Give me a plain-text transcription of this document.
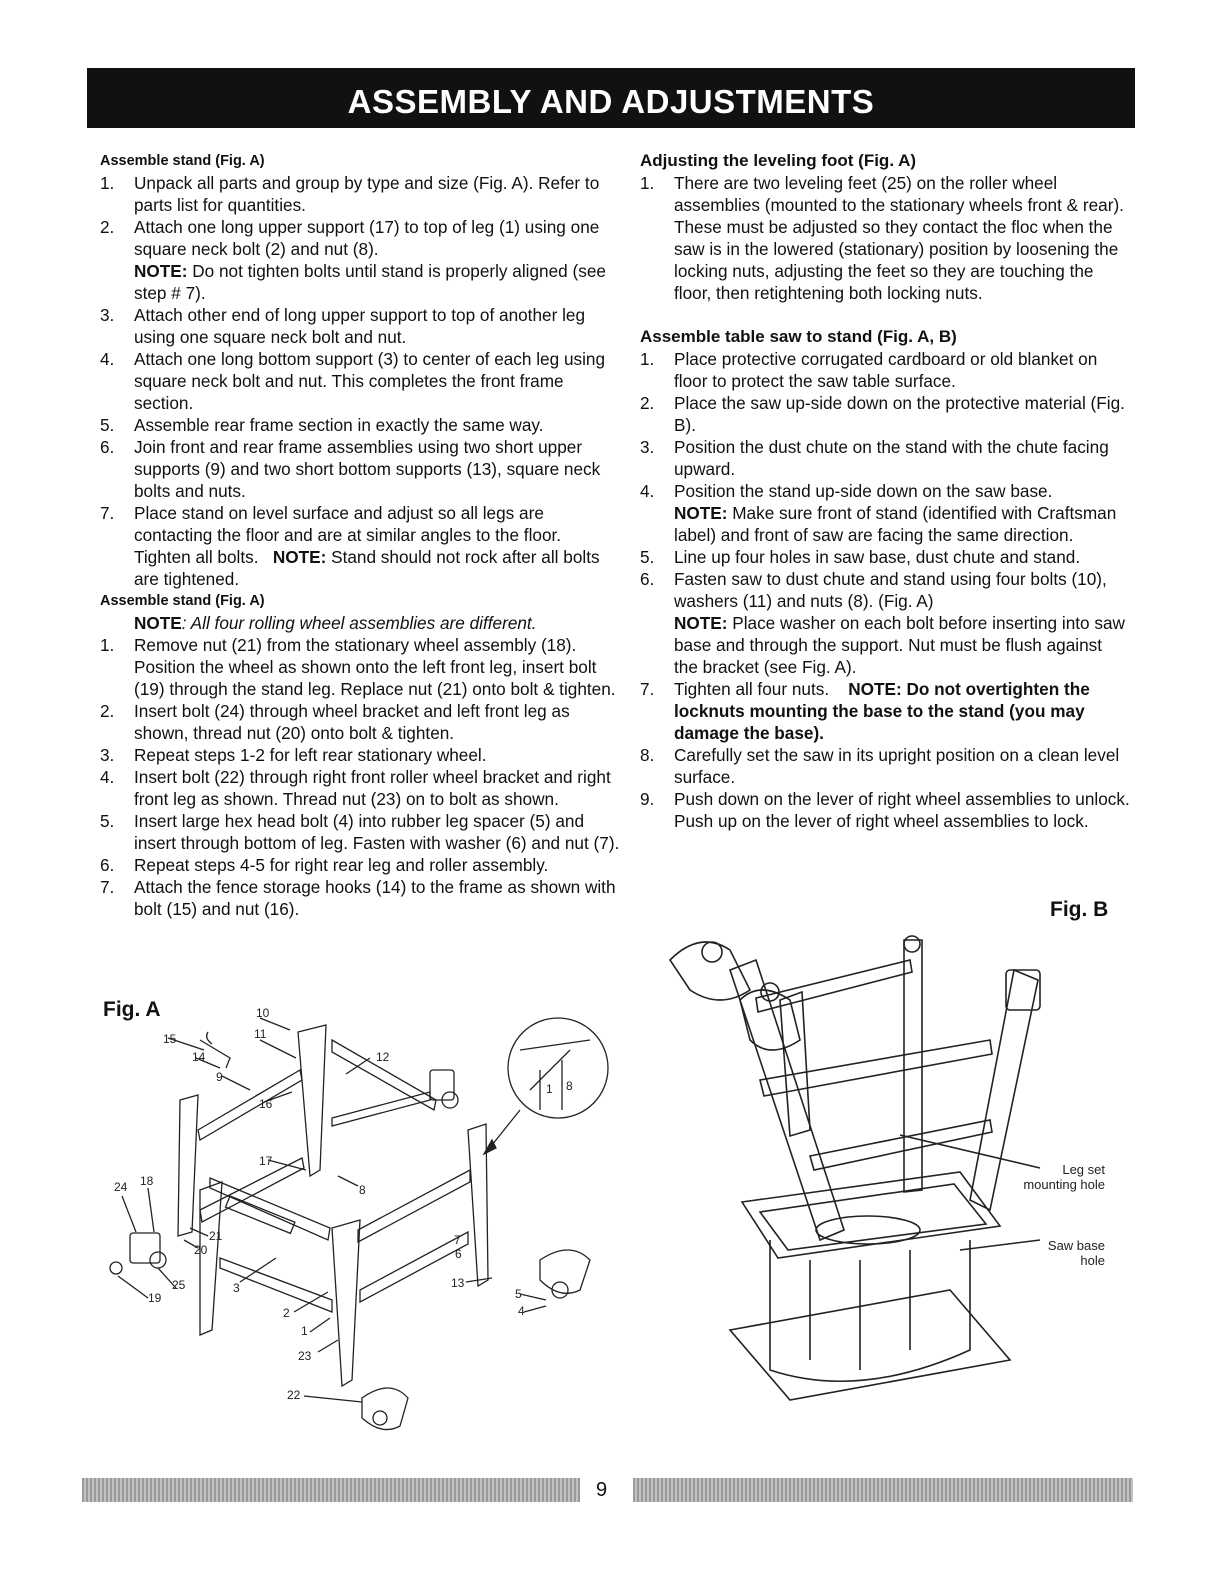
ASSEMBLY AND ADJUSTMENTS
Assemble stand (Fig. A)
1. Unpack all parts and group by type and size (Fig. A). Refer to parts list for quantities.
2. Attach one long upper support (17) to top of leg (1) using one square neck bolt (2) and nut (8).
NOTE: Do not tighten bolts until stand is properly aligned (see step # 7).
3. Attach other end of long upper support to top of another leg using one square neck bolt and nut.
4. Attach one long bottom support (3) to center of each leg using square neck bolt and nut. This completes the front frame section.
5. Assemble rear frame section in exactly the same way.
6. Join front and rear frame assemblies using two short upper supports (9) and two short bottom supports (13), square neck bolts and nuts.
7. Place stand on level surface and adjust so all legs are contacting the floor and are at similar angles to the floor. Tighten all bolts. NOTE: Stand should not rock after all bolts are tightened.
Assemble stand (Fig. A)
NOTE: All four rolling wheel assemblies are different.
1. Remove nut (21) from the stationary wheel assembly (18). Position the wheel as shown onto the left front leg, insert bolt (19) through the stand leg. Replace nut (21) onto bolt & tighten.
2. Insert bolt (24) through wheel bracket and left front leg as shown, thread nut (20) onto bolt & tighten.
3. Repeat steps 1-2 for left rear stationary wheel.
4. Insert bolt (22) through right front roller wheel bracket and right front leg as shown. Thread nut (23) on to bolt as shown.
5. Insert large hex head bolt (4) into rubber leg spacer (5) and insert through bottom of leg. Fasten with washer (6) and nut (7).
6. Repeat steps 4-5 for right rear leg and roller assembly.
7. Attach the fence storage hooks (14) to the frame as shown with bolt (15) and nut (16).
Adjusting the leveling foot (Fig. A)
1. There are two leveling feet (25) on the roller wheel assemblies (mounted to the stationary wheels front & rear). These must be adjusted so they contact the floc when the saw is in the lowered (stationary) position by loosening the locking nuts, adjusting the feet so they are touching the floor, then retightening both locking nuts.
Assemble table saw to stand (Fig. A, B)
1. Place protective corrugated cardboard or old blanket on floor to protect the saw table surface.
2. Place the saw up-side down on the protective material (Fig. B).
3. Position the dust chute on the stand with the chute facing upward.
4. Position the stand up-side down on the saw base.
NOTE: Make sure front of stand (identified with Craftsman label) and front of saw are facing the same direction.
5. Line up four holes in saw base, dust chute and stand.
6. Fasten saw to dust chute and stand using four bolts (10), washers (11) and nuts (8). (Fig. A)
NOTE: Place washer on each bolt before inserting into saw base and through the support. Nut must be flush against the bracket (see Fig. A).
7. Tighten all four nuts. NOTE: Do not overtighten the locknuts mounting the base to the stand (you may damage the base).
8. Carefully set the saw in its upright position on a clean level surface.
9. Push down on the lever of right wheel assemblies to unlock. Push up on the lever of right wheel assemblies to lock.
Fig. A	10
11
15
14
9
16
12
17
8
24 18
21
20
25
19
3
2
1
23
22
13
7
6
5
4
8
1
Fig. B
Leg set
mounting hole
Saw base
hole
9
